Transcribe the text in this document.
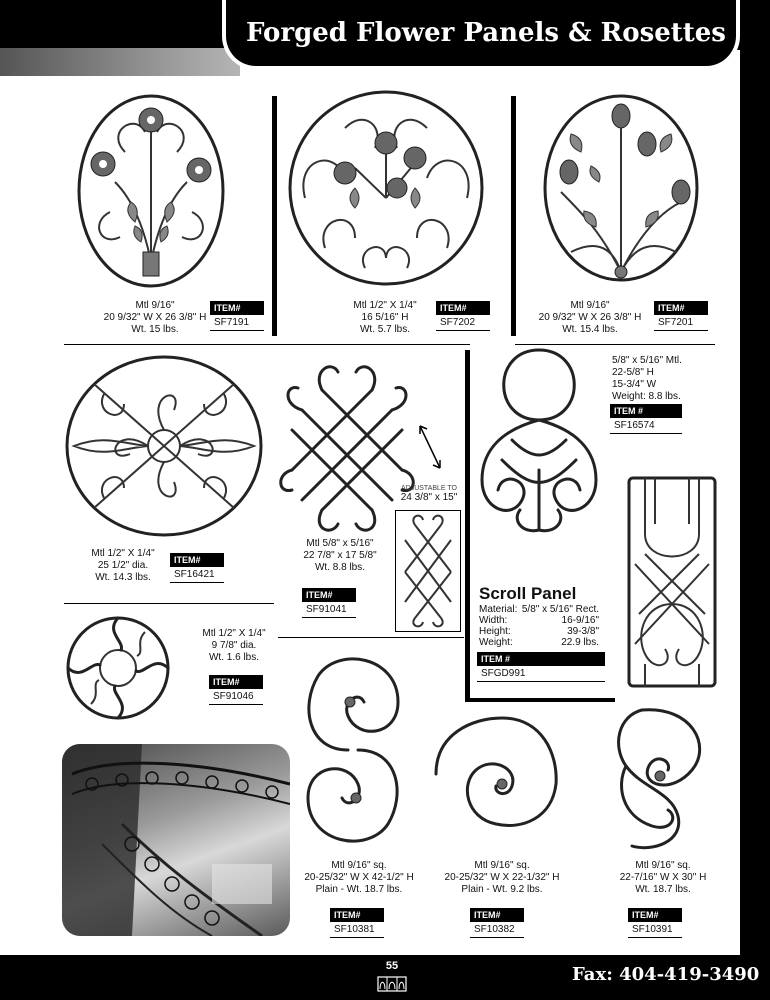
Forged Flower Panels & Rosettes
Mtl 9/16"
20 9/32" W X 26 3/8" H
Wt. 15 lbs.
ITEM#
SF7191
Mtl 1/2" X 1/4"
16 5/16" H
Wt. 5.7 lbs.
ITEM#
SF7202
Mtl 9/16"
20 9/32" W X 26 3/8" H
Wt. 15.4 lbs.
ITEM#
SF7201
Mtl 1/2" X 1/4"
25 1/2" dia.
Wt. 14.3 lbs.
ITEM#
SF16421
ADJUSTABLE TO
24 3/8" x 15"
Mtl 5/8" x 5/16"
22 7/8" x 17 5/8"
Wt. 8.8 lbs.
ITEM#
SF91041
5/8" x 5/16" Mtl.
22-5/8" H
15-3/4" W
Weight: 8.8 lbs.
ITEM #
SF16574
Scroll Panel
Material: 5/8" x 5/16" Rect.
Width:	16-9/16"
Height:	39-3/8"
Weight:	22.9 lbs.
ITEM #
SFGD991
Mtl 1/2" X 1/4"
9 7/8" dia.
Wt. 1.6 lbs.
ITEM#
SF91046
Mtl 9/16" sq.
20-25/32" W X 42-1/2" H
Plain - Wt. 18.7 lbs.
ITEM#
SF10381
Mtl 9/16" sq.
20-25/32" W X 22-1/32" H
Plain - Wt. 9.2 lbs.
ITEM#
SF10382
Mtl 9/16" sq.
22-7/16" W X 30" H
Wt. 18.7 lbs.
ITEM#
SF10391
55	Fax: 404-419-3490
